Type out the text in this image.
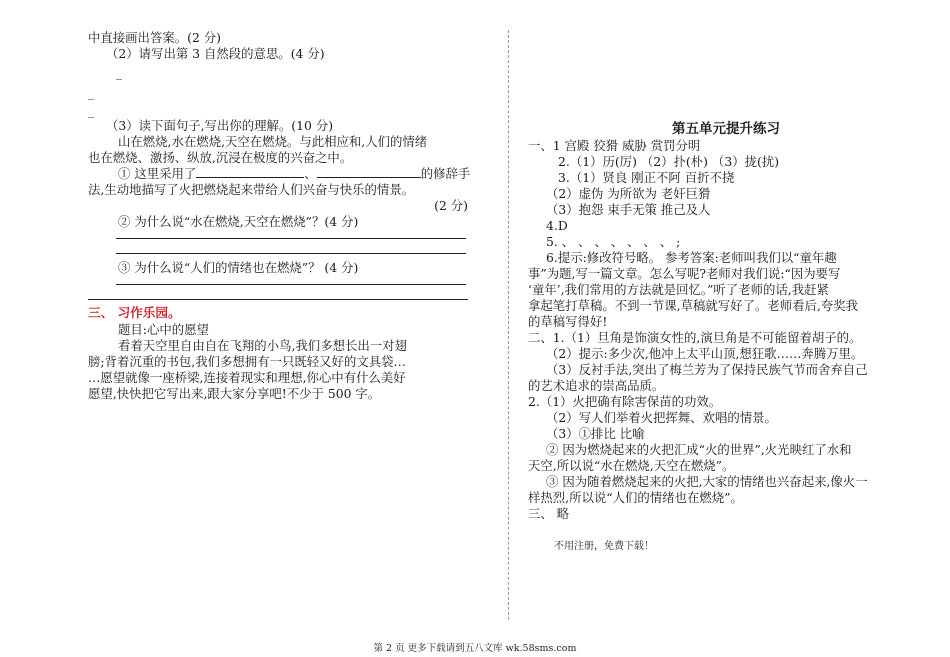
中直接画出答案。(2 分)
（2）请写出第 3 自然段的意思。(4 分)
_
_
_
（3）读下面句子,写出你的理解。(10 分)
山在燃烧,水在燃烧,天空在燃烧。与此相应和,人们的情绪
也在燃烧、激扬、纵放,沉浸在极度的兴奋之中。
① 这里采用了	、	的修辞手
法,生动地描写了火把燃烧起来带给人们兴奋与快乐的情景。
(2 分)
② 为什么说“水在燃烧,天空在燃烧”？(4 分)
③ 为什么说“人们的情绪也在燃烧”？ (4 分)
三、 习作乐园。
题目:心中的愿望
看着天空里自由自在飞翔的小鸟,我们多想长出一对翅
膀;背着沉重的书包,我们多想拥有一只既轻又好的文具袋…
…愿望就像一座桥梁,连接着现实和理想,你心中有什么美好
愿望,快快把它写出来,跟大家分享吧!不少于 500 字。
第五单元提升练习
一、1 宫殿 狡猾 威胁 赏罚分明
2.（1）历(厉) （2）扑(朴) （3）拢(扰)
3.（1）贤良 刚正不阿 百折不挠
（2）虚伪 为所欲为 老奸巨猾
（3）抱怨 束手无策 推己及人
4.D
5. 、 、 、 、 、 、 、 ;
6.提示:修改符号略。 参考答案:老师叫我们以“童年趣
事”为题,写一篇文章。怎么写呢?老师对我们说:“因为要写
‘童年’,我们常用的方法就是回忆。”听了老师的话,我赶紧
拿起笔打草稿。不到一节课,草稿就写好了。老师看后,夸奖我
的草稿写得好!
二、1.（1）旦角是饰演女性的,演旦角是不可能留着胡子的。
（2）提示:多少次,他冲上太平山顶,想狂歌……奔腾万里。
（3）反衬手法,突出了梅兰芳为了保持民族气节而舍弃自己
的艺术追求的崇高品质。
2.（1）火把确有除害保苗的功效。
（2）写人们举着火把挥舞、欢唱的情景。
（3）①排比 比喻
② 因为燃烧起来的火把汇成“火的世界”,火光映红了水和
天空,所以说“水在燃烧,天空在燃烧”。
③ 因为随着燃烧起来的火把,大家的情绪也兴奋起来,像火一
样热烈,所以说“人们的情绪也在燃烧”。
三、 略
不用注册，免费下载！
第 2 页 更多下载请到五八文库 wk.58sms.com
